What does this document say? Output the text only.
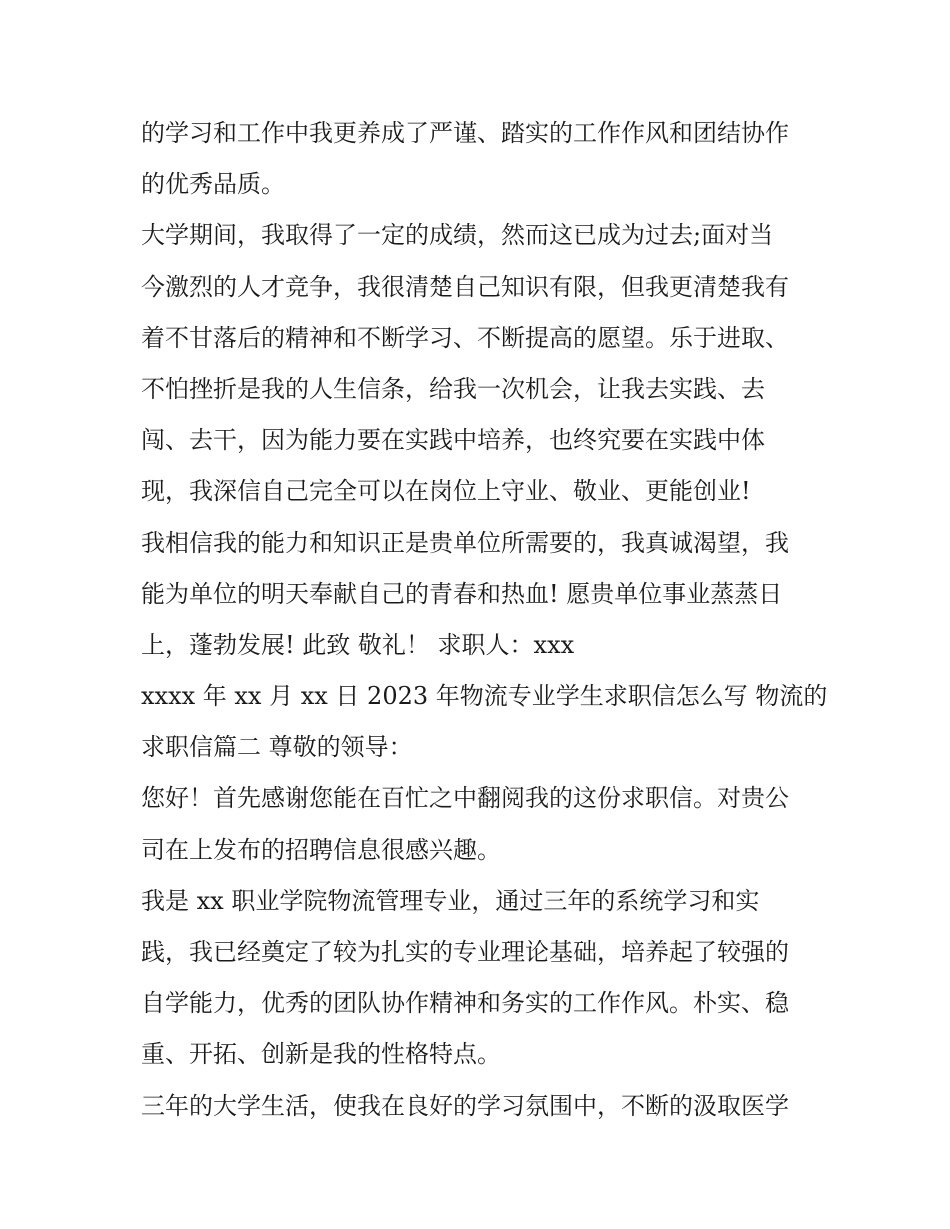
的学习和工作中我更养成了严谨、踏实的工作作风和团结协作
的优秀品质。
大学期间，我取得了一定的成绩，然而这已成为过去;面对当
今激烈的人才竞争，我很清楚自己知识有限，但我更清楚我有
着不甘落后的精神和不断学习、不断提高的愿望。乐于进取、
不怕挫折是我的人生信条，给我一次机会，让我去实践、去
闯、去干，因为能力要在实践中培养，也终究要在实践中体
现，我深信自己完全可以在岗位上守业、敬业、更能创业!
我相信我的能力和知识正是贵单位所需要的，我真诚渴望，我
能为单位的明天奉献自己的青春和热血! 愿贵单位事业蒸蒸日
上，蓬勃发展! 此致 敬礼！ 求职人：xxx
xxxx 年 xx 月 xx 日 2023 年物流专业学生求职信怎么写 物流的
求职信篇二 尊敬的领导：
您好！首先感谢您能在百忙之中翻阅我的这份求职信。对贵公
司在上发布的招聘信息很感兴趣。
我是 xx 职业学院物流管理专业，通过三年的系统学习和实
践，我已经奠定了较为扎实的专业理论基础，培养起了较强的
自学能力，优秀的团队协作精神和务实的工作作风。朴实、稳
重、开拓、创新是我的性格特点。
三年的大学生活，使我在良好的学习氛围中，不断的汲取医学
